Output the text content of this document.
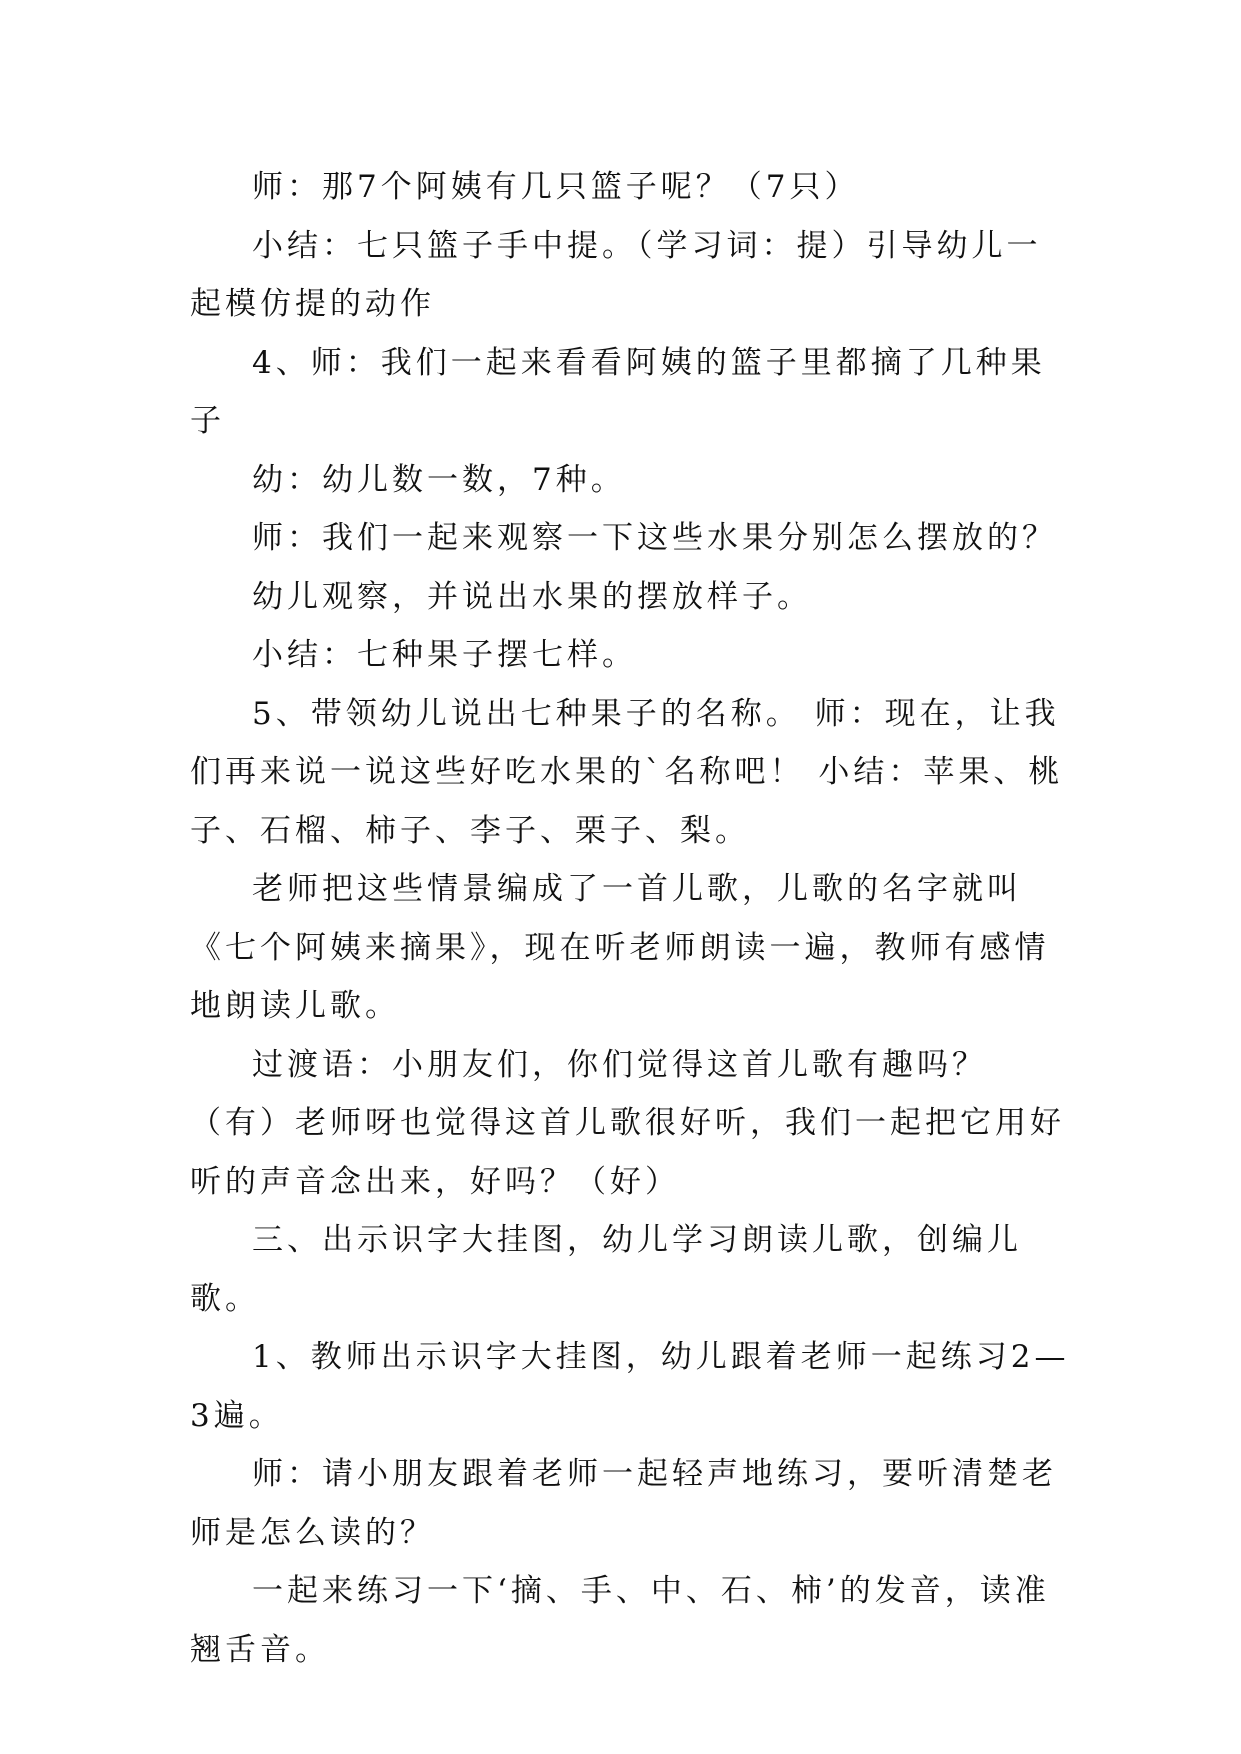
师：那7个阿姨有几只篮子呢？（7只）

小结：七只篮子手中提。（学习词：提）引导幼儿一起模仿提的动作

4、师：我们一起来看看阿姨的篮子里都摘了几种果子

幼：幼儿数一数，7种。

师：我们一起来观察一下这些水果分别怎么摆放的？

幼儿观察，并说出水果的摆放样子。

小结：七种果子摆七样。

5、带领幼儿说出七种果子的名称。 师：现在，让我们再来说一说这些好吃水果的`名称吧！ 小结：苹果、桃子、石榴、柿子、李子、栗子、梨。

老师把这些情景编成了一首儿歌，儿歌的名字就叫《七个阿姨来摘果》，现在听老师朗读一遍，教师有感情地朗读儿歌。

过渡语：小朋友们，你们觉得这首儿歌有趣吗？（有）老师呀也觉得这首儿歌很好听，我们一起把它用好听的声音念出来，好吗？（好）

三、出示识字大挂图，幼儿学习朗读儿歌，创编儿歌。

1、教师出示识字大挂图，幼儿跟着老师一起练习2—3遍。

师：请小朋友跟着老师一起轻声地练习，要听清楚老师是怎么读的？

一起来练习一下‘摘、手、中、石、柿’的发音，读准翘舌音。
